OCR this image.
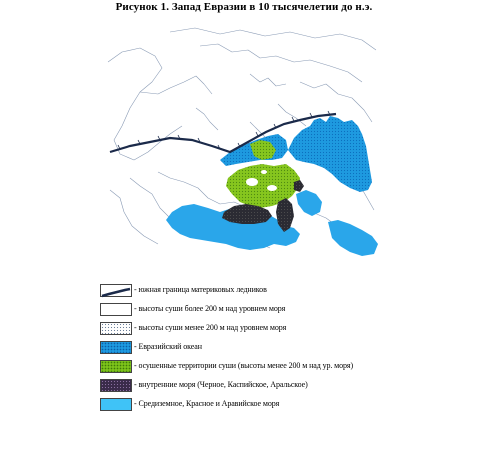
Рисунок 1. Запад Евразии в 10 тысячелетии до н.э.
- южная граница материковых ледников
- высоты суши более 200 м над уровнем моря
- высоты суши менее 200 м над уровнем моря
- Евразийский океан
- осушенные территории суши (высоты менее 200 м над ур. моря)
- внутренние моря (Черное, Каспийское, Аральское)
- Средиземное, Красное и Аравийское моря
